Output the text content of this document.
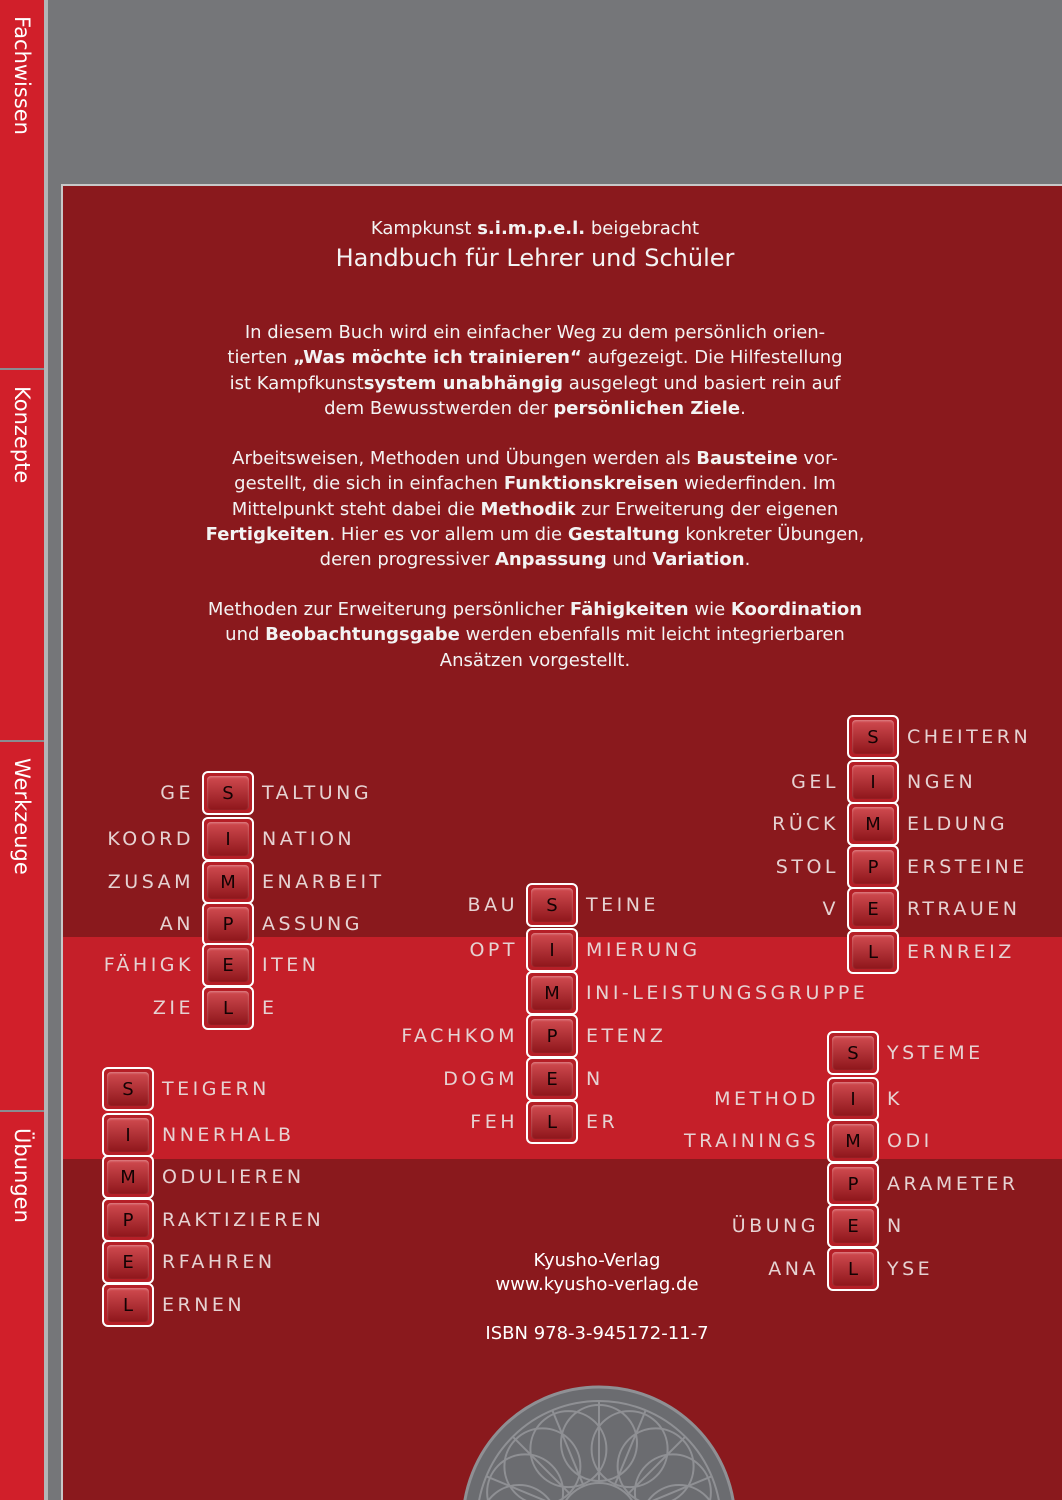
Fachwissen
Konzepte
Werkzeuge
Übungen
Kampkunst s.i.m.p.e.l. beigebracht
Handbuch für Lehrer und Schüler
In diesem Buch wird ein einfacher Weg zu dem persönlich orien-
tierten „Was möchte ich trainieren“ aufgezeigt. Die Hilfestellung
ist Kampfkunstsystem unabhängig ausgelegt und basiert rein auf
dem Bewusstwerden der persönlichen Ziele.
Arbeitsweisen, Methoden und Übungen werden als Bausteine vor-
gestellt, die sich in einfachen Funktionskreisen wiederfinden. Im
Mittelpunkt steht dabei die Methodik zur Erweiterung der eigenen
Fertigkeiten. Hier es vor allem um die Gestaltung konkreter Übungen,
deren progressiver Anpassung und Variation.
Methoden zur Erweiterung persönlicher Fähigkeiten wie Koordination
und Beobachtungsgabe werden ebenfalls mit leicht integrierbaren
Ansätzen vorgestellt.
GE	S	TALTUNG
KOORD	I	NATION
ZUSAM	M	ENARBEIT
AN	P	ASSUNG
FÄHIGK	E	ITEN
ZIE	L	E
BAU	S	TEINE
OPT	I	MIERUNG
M	INI-LEISTUNGSGRUPPE
FACHKOM	P	ETENZ
DOGM	E	N
FEH	L	ER
S	CHEITERN
GEL	I	NGEN
RÜCK	M	ELDUNG
STOL	P	ERSTEINE
V	E	RTRAUEN
L	ERNREIZ
S	TEIGERN
I	NNERHALB
M	ODULIEREN
P	RAKTIZIEREN
E	RFAHREN
L	ERNEN
S	YSTEME
METHOD	I	K
TRAININGS	M	ODI
P	ARAMETER
ÜBUNG	E	N
ANA	L	YSE
Kyusho-Verlag
www.kyusho-verlag.de
ISBN 978-3-945172-11-7
